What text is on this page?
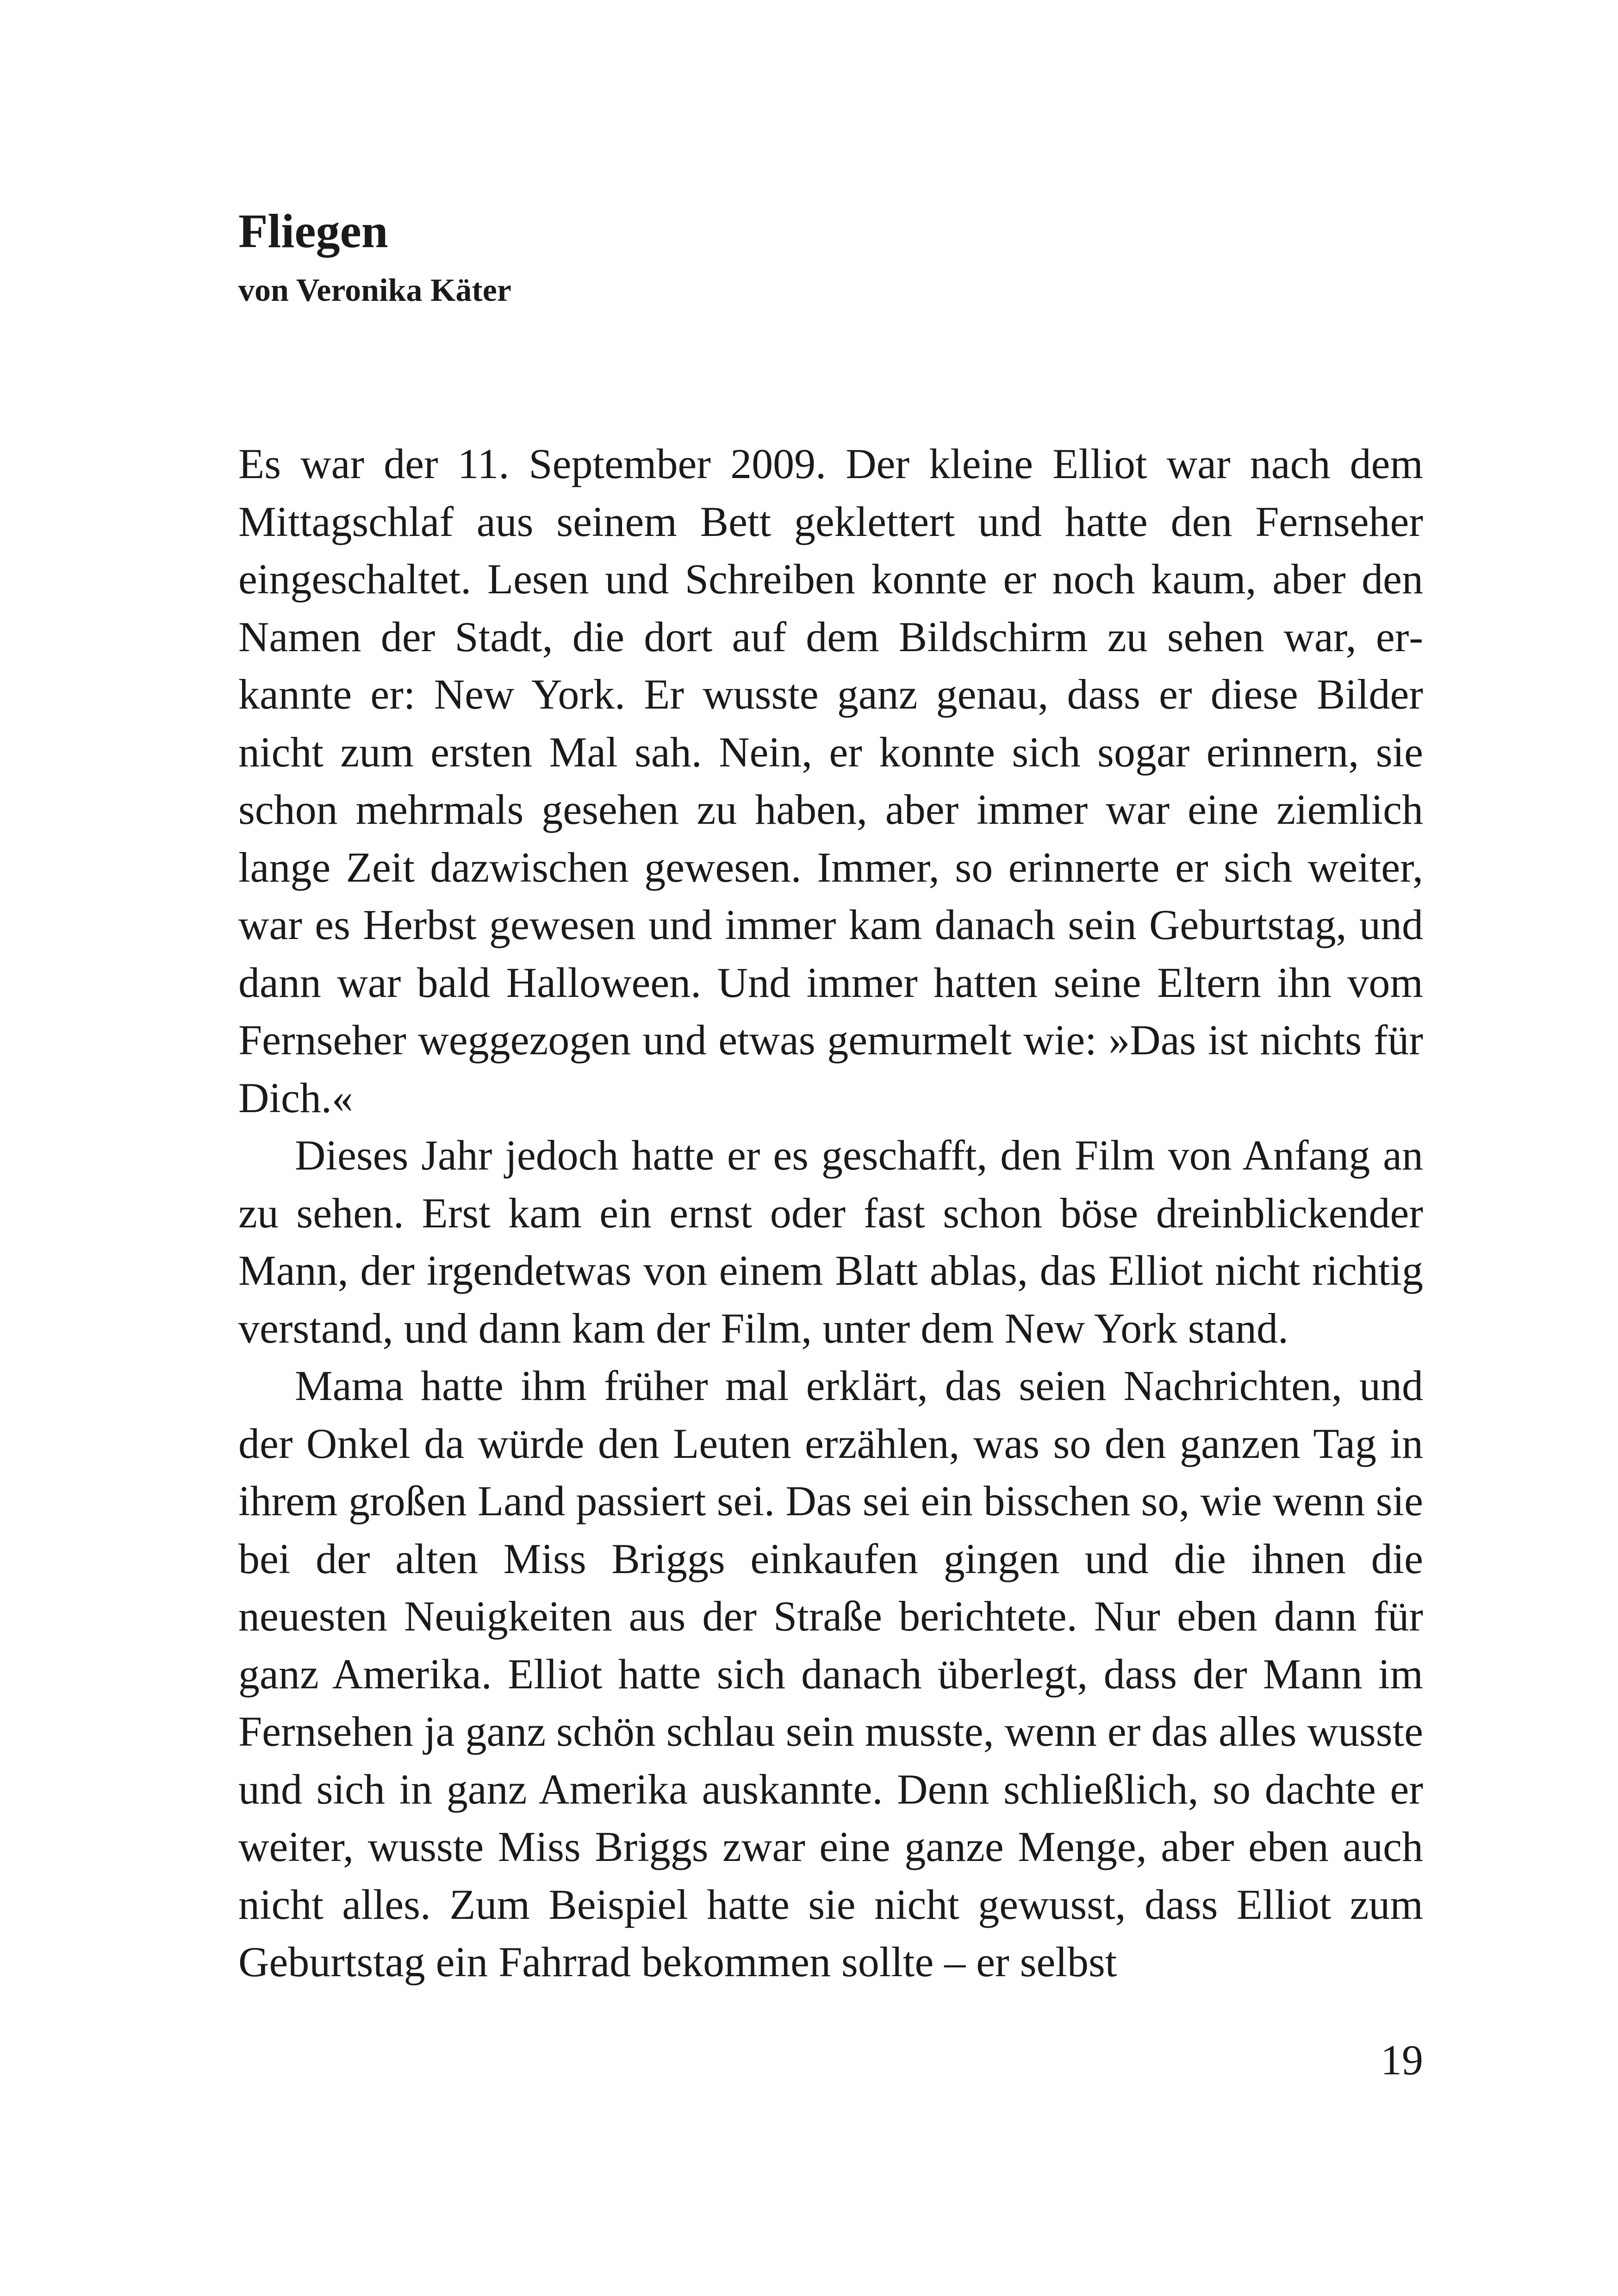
Fliegen
von Veronika Käter

Es war der 11. September 2009. Der kleine Elliot war nach dem Mittagschlaf aus seinem Bett geklettert und hatte den Fernseher eingeschaltet. Lesen und Schreiben konnte er noch kaum, aber den Namen der Stadt, die dort auf dem Bildschirm zu sehen war, erkannte er: New York. Er wusste ganz genau, dass er diese Bilder nicht zum ersten Mal sah. Nein, er konnte sich sogar erinnern, sie schon mehrmals gesehen zu haben, aber immer war eine ziemlich lange Zeit dazwischen gewesen. Immer, so erinnerte er sich weiter, war es Herbst gewesen und immer kam danach sein Geburtstag, und dann war bald Halloween. Und immer hatten seine Eltern ihn vom Fernseher weggezogen und etwas gemurmelt wie: »Das ist nichts für Dich.«

Dieses Jahr jedoch hatte er es geschafft, den Film von Anfang an zu sehen. Erst kam ein ernst oder fast schon böse dreinblickender Mann, der irgendetwas von einem Blatt ablas, das Elliot nicht richtig verstand, und dann kam der Film, unter dem New York stand.

Mama hatte ihm früher mal erklärt, das seien Nachrichten, und der Onkel da würde den Leuten erzählen, was so den ganzen Tag in ihrem großen Land passiert sei. Das sei ein bisschen so, wie wenn sie bei der alten Miss Briggs einkaufen gingen und die ihnen die neuesten Neuigkeiten aus der Straße berichtete. Nur eben dann für ganz Amerika. Elliot hatte sich danach überlegt, dass der Mann im Fernsehen ja ganz schön schlau sein musste, wenn er das alles wusste und sich in ganz Amerika auskannte. Denn schließlich, so dachte er weiter, wusste Miss Briggs zwar eine ganze Menge, aber eben auch nicht alles. Zum Beispiel hatte sie nicht gewusst, dass Elliot zum Geburtstag ein Fahrrad bekommen sollte – er selbst

19
